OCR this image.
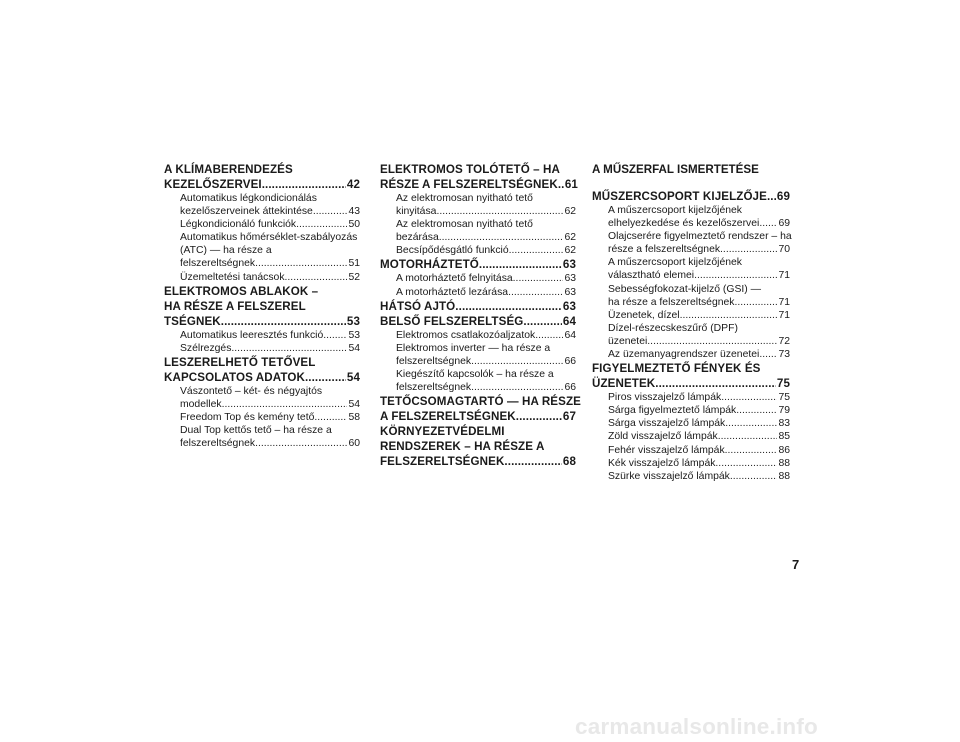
A KLÍMABERENDEZÉS
KEZELŐSZERVEI .....	42
Automatikus légkondicionálás
kezelőszerveinek áttekintése .....	43
Légkondicionáló funkciók .....	50
Automatikus hőmérséklet-szabályozás
(ATC) — ha része a
felszereltségnek .....	51
Üzemeltetési tanácsok .....	52
ELEKTROMOS ABLAKOK –
HA RÉSZE A FELSZEREL
TSÉGNEK .....	53
Automatikus leeresztés funkció ..... 53
Szélrezgés .....	54
LESZERELHETŐ TETŐVEL
KAPCSOLATOS ADATOK .....	54
Vászontető – két- és négyajtós
modellek .....	54
Freedom Top és kemény tető .....	58
Dual Top kettős tető – ha része a
felszereltségnek .....	60
ELEKTROMOS TOLÓTETŐ – HA
RÉSZE A FELSZERELTSÉGNEK ..... 61
Az elektromosan nyitható tető
kinyitása .....	62
Az elektromosan nyitható tető
bezárása .....	62
Becsípődésgátló funkció .....	62
MOTORHÁZTETŐ .....	63
A motorháztető felnyitása .....	63
A motorháztető lezárása .....	63
HÁTSÓ AJTÓ .....	63
BELSŐ FELSZERELTSÉG .....	64
Elektromos csatlakozóaljzatok .....	64
Elektromos inverter — ha része a
felszereltségnek .....	66
Kiegészítő kapcsolók – ha része a
felszereltségnek .....	66
TETŐCSOMAGTARTÓ — HA RÉSZE
A FELSZERELTSÉGNEK .....	67
KÖRNYEZETVÉDELMI
RENDSZEREK – HA RÉSZE A
FELSZERELTSÉGNEK .....	68
A MŰSZERFAL ISMERTETÉSE
MŰSZERCSOPORT KIJELZŐJE ..... 69
A műszercsoport kijelzőjének
elhelyezkedése és kezelőszervei ..... 69
Olajcserére figyelmeztető rendszer – ha
része a felszereltségnek .....	70
A műszercsoport kijelzőjének
választható elemei .....	71
Sebességfokozat-kijelző (GSI) —
ha része a felszereltségnek .....	71
Üzenetek, dízel .....	71
Dízel-részecskeszűrő (DPF)
üzenetei .....	72
Az üzemanyagrendszer üzenetei ..... 73
FIGYELMEZTETŐ FÉNYEK ÉS
ÜZENETEK .....	75
Piros visszajelző lámpák .....	75
Sárga figyelmeztető lámpák .....	79
Sárga visszajelző lámpák .....	83
Zöld visszajelző lámpák .....	85
Fehér visszajelző lámpák .....	86
Kék visszajelző lámpák .....	88
Szürke visszajelző lámpák .....	88
7
carmanualsonline.info
